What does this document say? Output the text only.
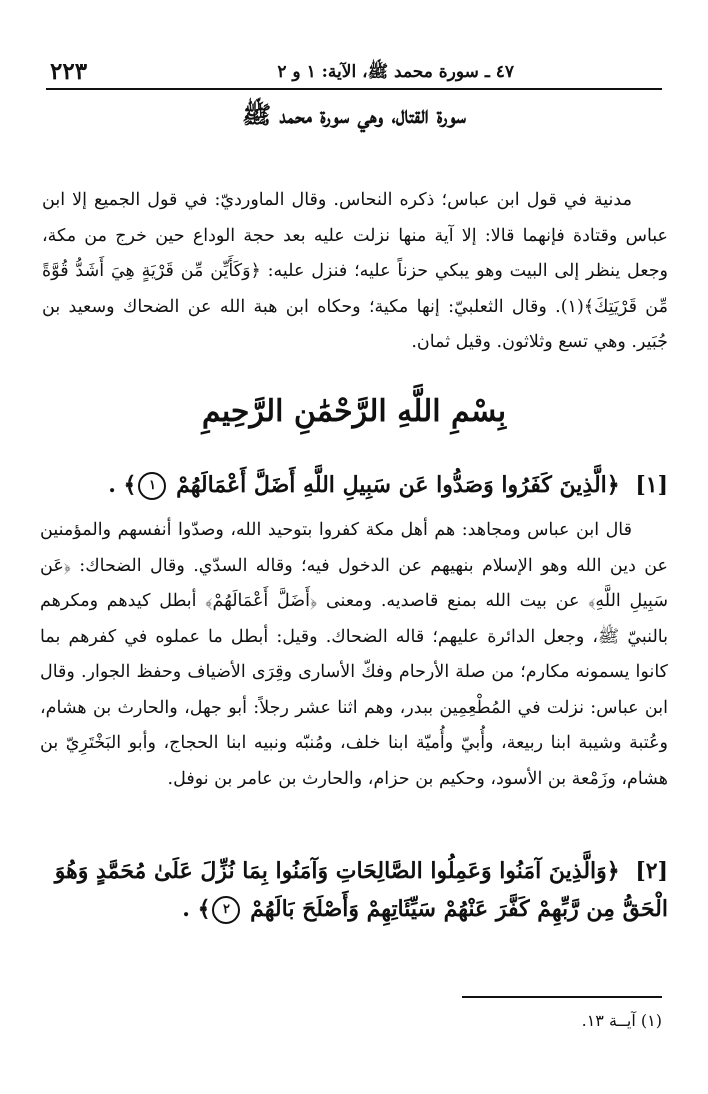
٢٢٣	٤٧ ـ سورة محمد ﷺ، الآية: ١ و ٢
سورة القتال، وهي سورة محمد ﷺ

مدنية في قول ابن عباس؛ ذكره النحاس. وقال الماورديّ: في قول الجميع إلا ابن عباس وقتادة فإنهما قالا: إلا آية منها نزلت عليه بعد حجة الوداع حين خرج من مكة، وجعل ينظر إلى البيت وهو يبكي حزناً عليه؛ فنزل عليه: ﴿وَكَأَيِّن مِّن قَرْيَةٍ هِيَ أَشَدُّ قُوَّةً مِّن قَرْيَتِكَ﴾(١). وقال الثعلبيّ: إنها مكية؛ وحكاه ابن هبة الله عن الضحاك وسعيد بن جُبَير. وهي تسع وثلاثون. وقيل ثمان.

بِسْمِ اللَّهِ الرَّحْمَٰنِ الرَّحِيمِ
[١] ﴿الَّذِينَ كَفَرُوا وَصَدُّوا عَن سَبِيلِ اللَّهِ أَضَلَّ أَعْمَالَهُمْ ١﴾ .

قال ابن عباس ومجاهد: هم أهل مكة كفروا بتوحيد الله، وصدّوا أنفسهم والمؤمنين عن دين الله وهو الإسلام بنهيهم عن الدخول فيه؛ وقاله السدّي. وقال الضحاك: ﴿عَن سَبِيلِ اللَّهِ﴾ عن بيت الله بمنع قاصديه. ومعنى ﴿أَضَلَّ أَعْمَالَهُمْ﴾ أبطل كيدهم ومكرهم بالنبيّ ﷺ، وجعل الدائرة عليهم؛ قاله الضحاك. وقيل: أبطل ما عملوه في كفرهم بما كانوا يسمونه مكارم؛ من صلة الأرحام وفكّ الأسارى وقِرَى الأضياف وحفظ الجوار. وقال ابن عباس: نزلت في المُطْعِمِين ببدر، وهم اثنا عشر رجلاً: أبو جهل، والحارث بن هشام، وعُتبة وشيبة ابنا ربيعة، وأُبيّ وأُميّة ابنا خلف، ومُنبّه ونبيه ابنا الحجاج، وأبو البَخْتَرِيّ بن هشام، وزَمْعة بن الأسود، وحكيم بن حزام، والحارث بن عامر بن نوفل.

[٢] ﴿وَالَّذِينَ آمَنُوا وَعَمِلُوا الصَّالِحَاتِ وَآمَنُوا بِمَا نُزِّلَ عَلَىٰ مُحَمَّدٍ وَهُوَ الْحَقُّ مِن رَّبِّهِمْ كَفَّرَ عَنْهُمْ سَيِّئَاتِهِمْ وَأَصْلَحَ بَالَهُمْ ٢﴾ .
(١) آيــة ١٣.
